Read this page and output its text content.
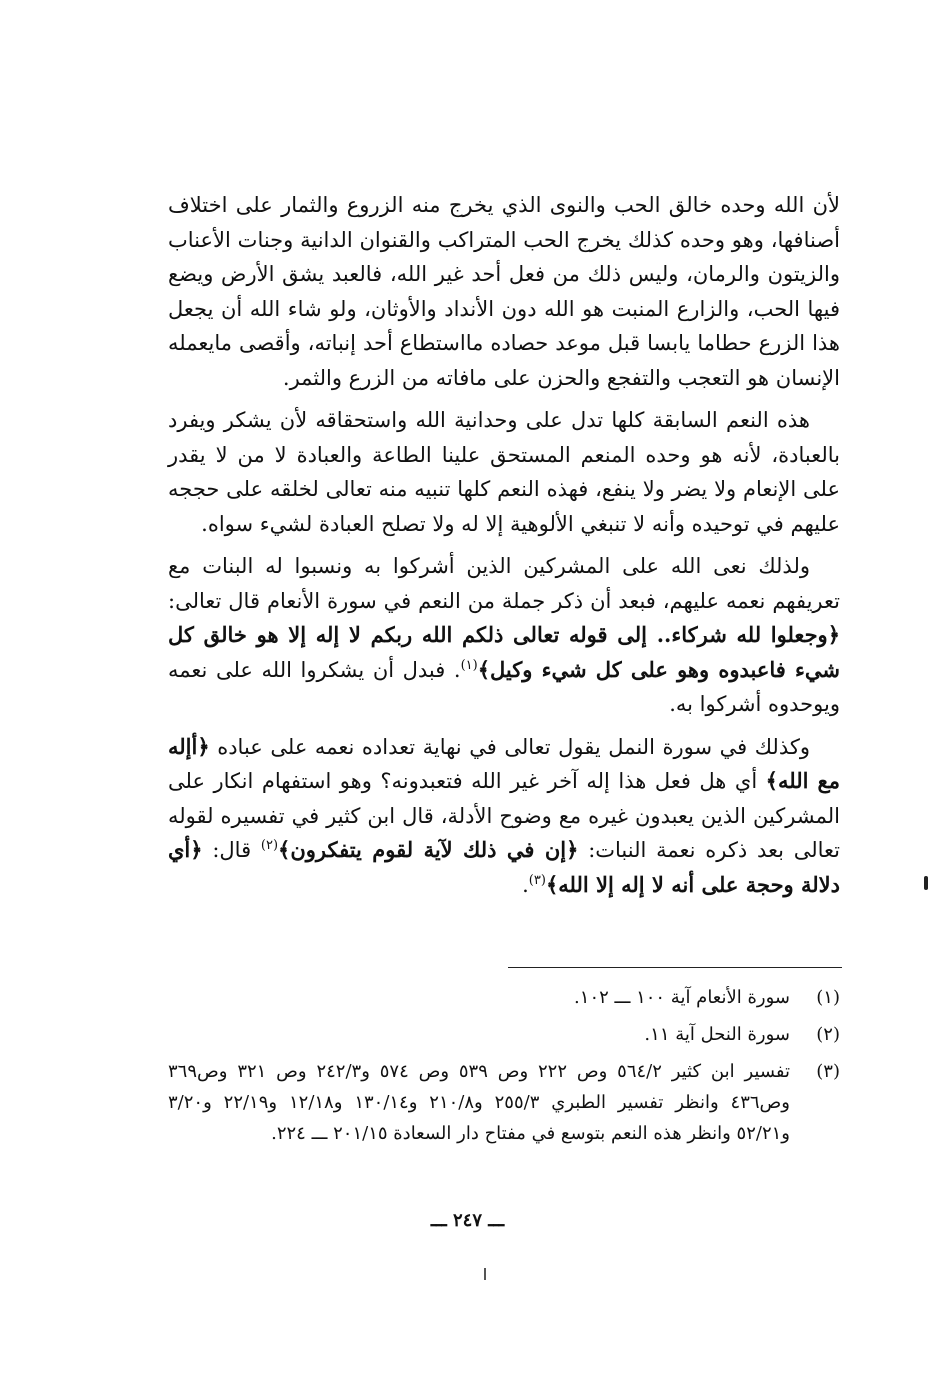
لأن الله وحده خالق الحب والنوى الذي يخرج منه الزروع والثمار على اختلاف أصنافها، وهو وحده كذلك يخرج الحب المتراكب والقنوان الدانية وجنات الأعناب والزيتون والرمان، وليس ذلك من فعل أحد غير الله، فالعبد يشق الأرض ويضع فيها الحب، والزارع المنبت هو الله دون الأنداد والأوثان، ولو شاء الله أن يجعل هذا الزرع حطاما يابسا قبل موعد حصاده مااستطاع أحد إنباته، وأقصى مايعمله الإنسان هو التعجب والتفجع والحزن على مافاته من الزرع والثمر.

هذه النعم السابقة كلها تدل على وحدانية الله واستحقاقه لأن يشكر ويفرد بالعبادة، لأنه هو وحده المنعم المستحق علينا الطاعة والعبادة لا من لا يقدر على الإنعام ولا يضر ولا ينفع، فهذه النعم كلها تنبيه منه تعالى لخلقه على حججه عليهم في توحيده وأنه لا تنبغي الألوهية إلا له ولا تصلح العبادة لشيء سواه.

ولذلك نعى الله على المشركين الذين أشركوا به ونسبوا له البنات مع تعريفهم نعمه عليهم، فبعد أن ذكر جملة من النعم في سورة الأنعام قال تعالى: ﴿وجعلوا لله شركاء.. إلى قوله تعالى ذلكم الله ربكم لا إله إلا هو خالق كل شيء فاعبدوه وهو على كل شيء وكيل﴾$^{(١)}$. فبدل أن يشكروا الله على نعمه ويوحدوه أشركوا به.

وكذلك في سورة النمل يقول تعالى في نهاية تعداده نعمه على عباده ﴿أإله مع الله﴾ أي هل فعل هذا إله آخر غير الله فتعبدونه؟ وهو استفهام انكار على المشركين الذين يعبدون غيره مع وضوح الأدلة، قال ابن كثير في تفسيره لقوله تعالى بعد ذكره نعمة النبات: ﴿إن في ذلك لآية لقوم يتفكرون﴾$^{(٢)}$ قال: ﴿أي دلالة وحجة على أنه لا إله إلا الله﴾$^{(٣)}$.

(١)
سورة الأنعام آية ١٠٠ ـــ ١٠٢.
(٢)
سورة النحل آية ١١.
(٣)
تفسير ابن كثير ٥٦٤/٢ وص ٢٢٢ وص ٥٣٩ وص ٥٧٤ و٢٤٢/٣ وص ٣٢١ وص٣٦٩ وص٤٣٦ وانظر تفسير الطبري ٢٥٥/٣ و٢١٠/٨ و١٣٠/١٤ و١٢/١٨ و٢٢/١٩ و٣/٢٠ و٥٢/٢١ وانظر هذه النعم بتوسع في مفتاح دار السعادة ٢٠١/١٥ ـــ ٢٢٤.
ـــ ٢٤٧ ـــ
